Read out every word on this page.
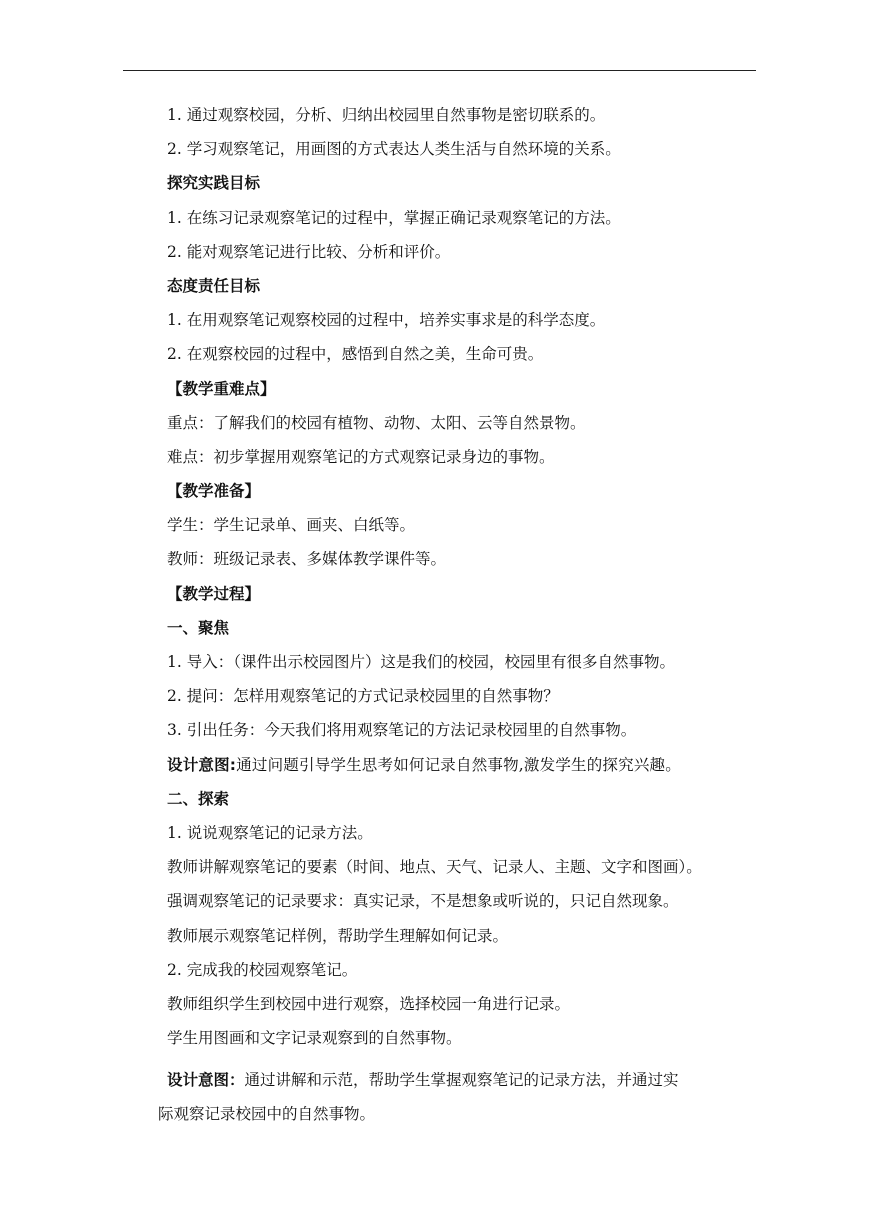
1. 通过观察校园，分析、归纳出校园里自然事物是密切联系的。
2. 学习观察笔记，用画图的方式表达人类生活与自然环境的关系。
探究实践目标
1. 在练习记录观察笔记的过程中，掌握正确记录观察笔记的方法。
2. 能对观察笔记进行比较、分析和评价。
态度责任目标
1. 在用观察笔记观察校园的过程中，培养实事求是的科学态度。
2. 在观察校园的过程中，感悟到自然之美，生命可贵。
【教学重难点】
重点：了解我们的校园有植物、动物、太阳、云等自然景物。
难点：初步掌握用观察笔记的方式观察记录身边的事物。
【教学准备】
学生：学生记录单、画夹、白纸等。
教师：班级记录表、多媒体教学课件等。
【教学过程】
一、聚焦
1. 导入：（课件出示校园图片）这是我们的校园，校园里有很多自然事物。
2. 提问：怎样用观察笔记的方式记录校园里的自然事物？
3. 引出任务：今天我们将用观察笔记的方法记录校园里的自然事物。
设计意图:通过问题引导学生思考如何记录自然事物,激发学生的探究兴趣。
二、探索
1. 说说观察笔记的记录方法。
教师讲解观察笔记的要素（时间、地点、天气、记录人、主题、文字和图画）。
强调观察笔记的记录要求：真实记录，不是想象或听说的，只记自然现象。
教师展示观察笔记样例，帮助学生理解如何记录。
2. 完成我的校园观察笔记。
教师组织学生到校园中进行观察，选择校园一角进行记录。
学生用图画和文字记录观察到的自然事物。
设计意图：通过讲解和示范，帮助学生掌握观察笔记的记录方法，并通过实
际观察记录校园中的自然事物。
